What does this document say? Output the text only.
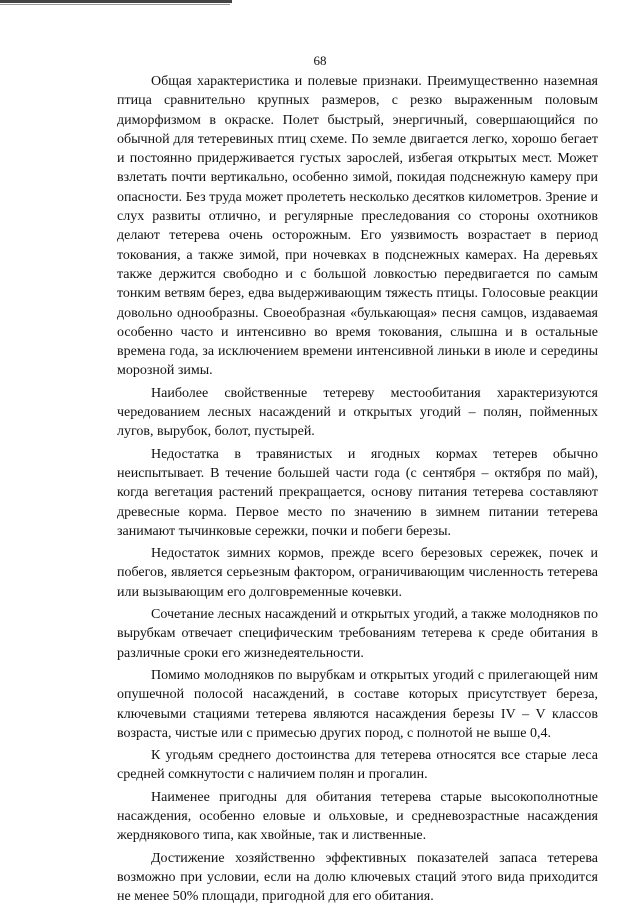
68

Общая характеристика и полевые признаки. Преимущественно наземная птица сравнительно крупных размеров, с резко выраженным половым диморфизмом в окраске. Полет быстрый, энергичный, совершающийся по обычной для тетеревиных птиц схеме. По земле двигается легко, хорошо бегает и постоянно придерживается густых зарослей, избегая открытых мест. Может взлетать почти вертикально, особенно зимой, покидая подснежную камеру при опасности. Без труда может пролететь несколько десятков километров. Зрение и слух развиты отлично, и регулярные преследования со стороны охотников делают тетерева очень осторожным. Его уязвимость возрастает в период токования, а также зимой, при ночевках в подснежных камерах. На деревьях также держится свободно и с большой ловкостью передвигается по самым тонким ветвям берез, едва выдерживающим тяжесть птицы. Голосовые реакции довольно однообразны. Своеобразная «булькающая» песня самцов, издаваемая особенно часто и интенсивно во время токования, слышна и в остальные времена года, за исключением времени интенсивной линьки в июле и середины морозной зимы.

Наиболее свойственные тетереву местообитания характеризуются чередованием лесных насаждений и открытых угодий – полян, пойменных лугов, вырубок, болот, пустырей.

Недостатка в травянистых и ягодных кормах тетерев обычно неиспытывает. В течение большей части года (с сентября – октября по май), когда вегетация растений прекращается, основу питания тетерева составляют древесные корма. Первое место по значению в зимнем питании тетерева занимают тычинковые сережки, почки и побеги березы.

Недостаток зимних кормов, прежде всего березовых сережек, почек и побегов, является серьезным фактором, ограничивающим численность тетерева или вызывающим его долговременные кочевки.

Сочетание лесных насаждений и открытых угодий, а также молодняков по вырубкам отвечает специфическим требованиям тетерева к среде обитания в различные сроки его жизнедеятельности.

Помимо молодняков по вырубкам и открытых угодий с прилегающей ним опушечной полосой насаждений, в составе которых присутствует береза, ключевыми стациями тетерева являются насаждения березы IV – V классов возраста, чистые или с примесью других пород, с полнотой не выше 0,4.

К угодьям среднего достоинства для тетерева относятся все старые леса средней сомкнутости с наличием полян и прогалин.

Наименее пригодны для обитания тетерева старые высокополнотные насаждения, особенно еловые и ольховые, и средневозрастные насаждения жерднякового типа, как хвойные, так и лиственные.

Достижение хозяйственно эффективных показателей запаса тетерева возможно при условии, если на долю ключевых стаций этого вида приходится не менее 50% площади, пригодной для его обитания.
